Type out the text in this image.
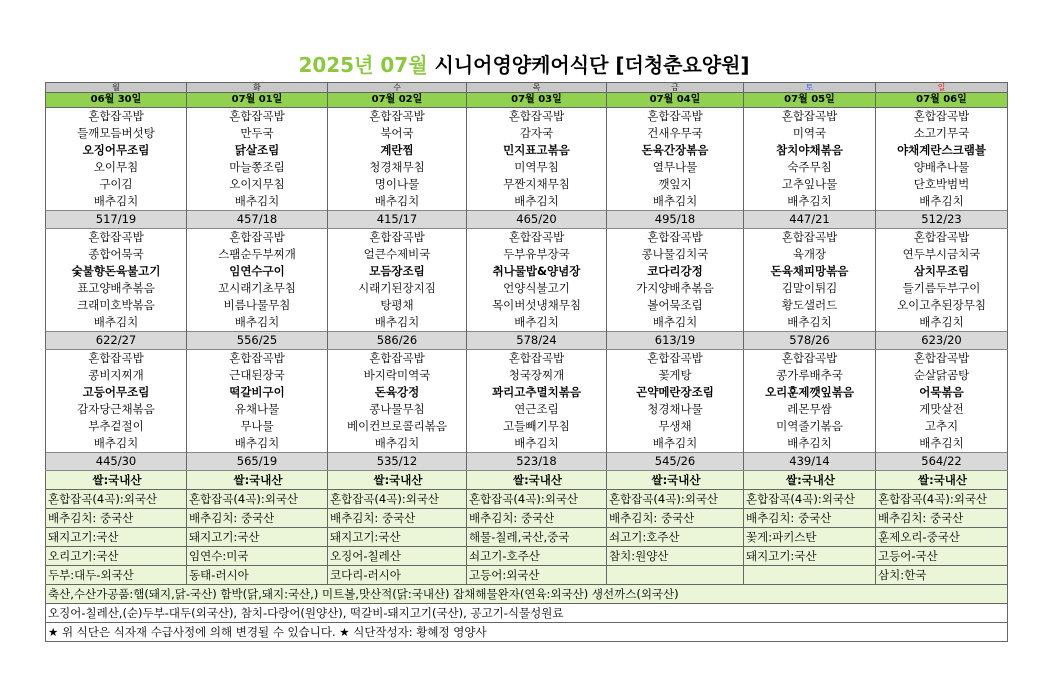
2025년 07월 시니어영양케어식단 [더청춘요양원]
월	화	수	목	금	토	일
06월 30일	07월 01일	07월 02일	07월 03일	07월 04일	07월 05일	07월 06일
혼합잡곡밥	혼합잡곡밥	혼합잡곡밥	혼합잡곡밥	혼합잡곡밥	혼합잡곡밥	혼합잡곡밥
들깨모듬버섯탕	만두국	북어국	감자국	건새우무국	미역국	소고기무국
오징어무조림	닭살조림	계란찜	민지표고볶음	돈육간장볶음	참치야채볶음	야채계란스크램블
오이무침	마늘쫑조림	청경채무침	미역무침	열무나물	숙주무침	양배추나물
구이김	오이지무침	명이나물	무짠지채무침	깻잎지	고추잎나물	단호박범벅
배추김치	배추김치	배추김치	배추김치	배추김치	배추김치	배추김치
517/19	457/18	415/17	465/20	495/18	447/21	512/23
혼합잡곡밥	혼합잡곡밥	혼합잡곡밥	혼합잡곡밥	혼합잡곡밥	혼합잡곡밥	혼합잡곡밥
종합어묵국	스팸순두부찌개	얼큰수제비국	두부유부장국	콩나물김치국	육개장	연두부시금치국
숯불향돈육불고기	임연수구이	모듬장조림	취나물밥&양념장	코다리강정	돈육채피망볶음	삼치무조림
표고양배추볶음	꼬시래기초무침	시래기된장지짐	언양식불고기	가지양배추볶음	김말이튀김	들기름두부구이
크래미호박볶음	비름나물무침	탕평채	목이버섯냉채무침	볼어묵조림	황도샐러드	오이고추된장무침
배추김치	배추김치	배추김치	배추김치	배추김치	배추김치	배추김치
622/27	556/25	586/26	578/24	613/19	578/26	623/20
혼합잡곡밥	혼합잡곡밥	혼합잡곡밥	혼합잡곡밥	혼합잡곡밥	혼합잡곡밥	혼합잡곡밥
콩비지찌개	근대된장국	바지락미역국	청국장찌개	꽃게탕	콩가루배추국	순살닭곰탕
고등어무조림	떡갈비구이	돈육강정	꽈리고추멸치볶음	곤약메란장조림	오리훈제깻잎볶음	어묵볶음
감자당근채볶음	유채나물	콩나물무침	연근조림	청경채나물	레몬무쌈	게맛살전
부추겉절이	무나물	베이컨브로콜리볶음	고들빼기무침	무생채	미역줄기볶음	고추지
배추김치	배추김치	배추김치	배추김치	배추김치	배추김치	배추김치
445/30	565/19	535/12	523/18	545/26	439/14	564/22
쌀:국내산	쌀:국내산	쌀:국내산	쌀:국내산	쌀:국내산	쌀:국내산	쌀:국내산
혼합잡곡(4곡):외국산	혼합잡곡(4곡):외국산	혼합잡곡(4곡):외국산	혼합잡곡(4곡):외국산	혼합잡곡(4곡):외국산	혼합잡곡(4곡):외국산	혼합잡곡(4곡):외국산
배추김치: 중국산	배추김치: 중국산	배추김치: 중국산	배추김치: 중국산	배추김치: 중국산	배추김치: 중국산	배추김치: 중국산
돼지고기:국산	돼지고기:국산	돼지고기:국산	해물-칠레,국산,중국	쇠고기:호주산	꽃게:파키스탄	훈제오리-중국산
오리고기:국산	임연수:미국	오징어-칠레산	쇠고기-호주산	참치:원양산	돼지고기:국산	고등어-국산
두부:대두-외국산	동태-러시아	코다리-러시아	고등어:외국산			삼치:한국
축산,수산가공품:햄(돼지,닭-국산) 함박(닭,돼지:국산,) 미트볼,맛산적(닭:국내산) 잡채해물완자(연육:외국산) 생선까스(외국산)						
오징어-칠레산,(순)두부-대두(외국산), 참치-다랑어(원양산), 떡갈비-돼지고기(국산), 공고기-식물성원료						
★ 위 식단은 식자재 수급사정에 의해 변경될 수 있습니다. ★ 식단작성자: 황혜정 영양사						
